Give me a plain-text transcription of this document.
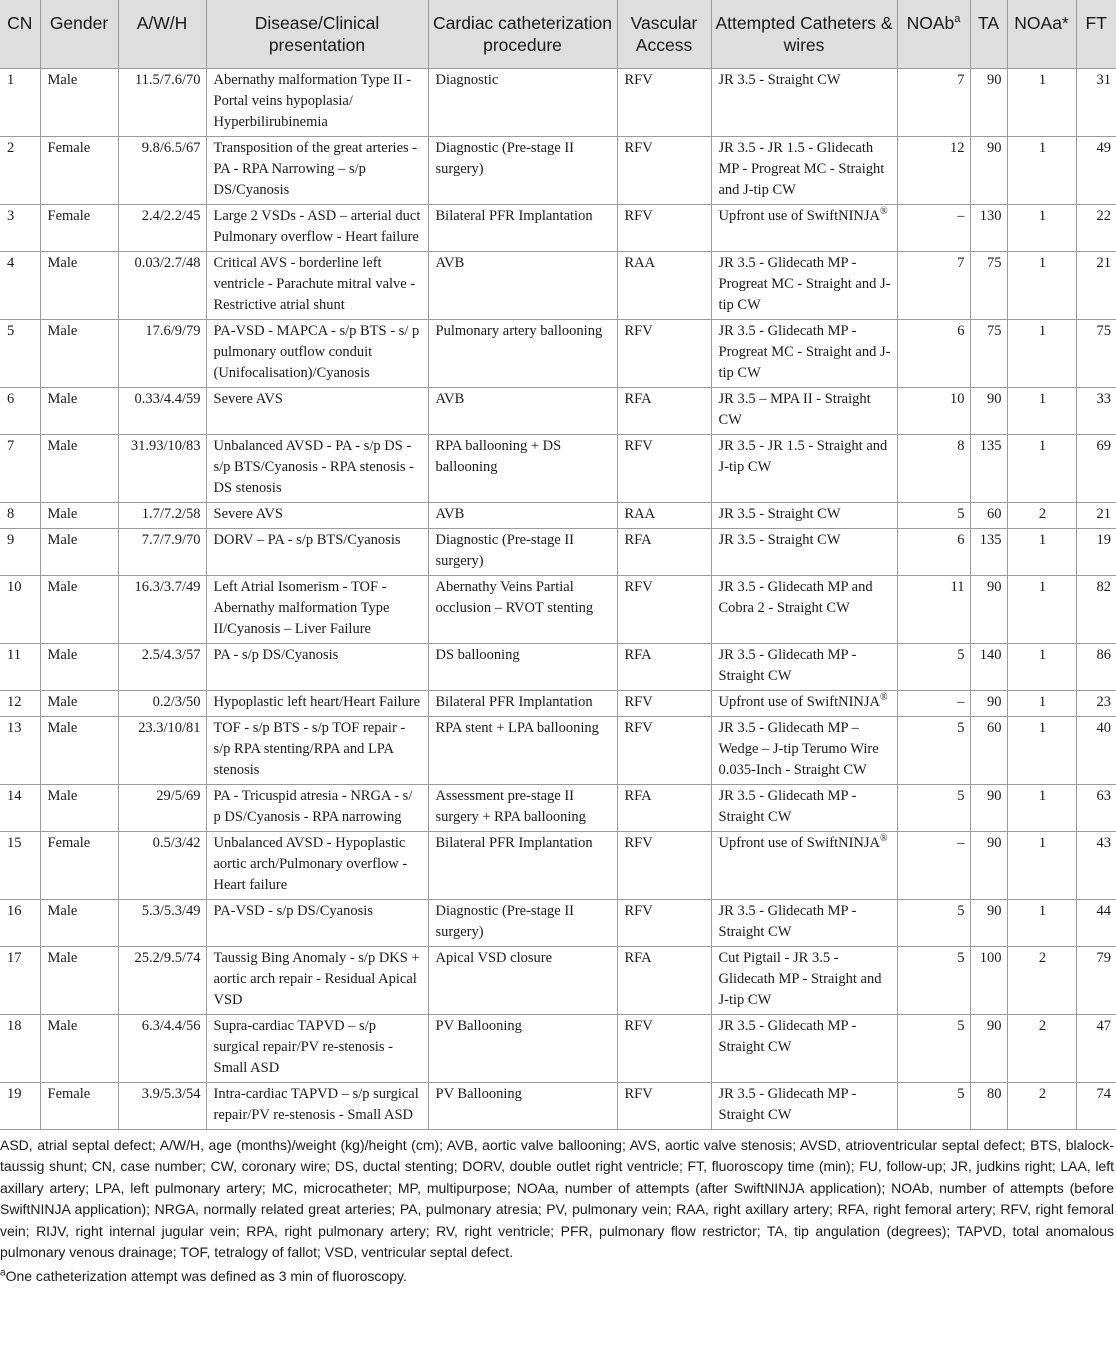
CN	Gender	A/W/H	Disease/Clinical presentation	Cardiac catheterization procedure	Vascular Access	Attempted Catheters & wires	NOAb$^a$	TA	NOAa*	FT
1	Male	11.5/7.6/70	Abernathy malformation Type II - Portal veins hypoplasia/ Hyperbilirubinemia	Diagnostic	RFV	JR 3.5 - Straight CW	7	90	1	31
2	Female	9.8/6.5/67	Transposition of the great arteries - PA - RPA Narrowing – s/p DS/Cyanosis	Diagnostic (Pre-stage II surgery)	RFV	JR 3.5 - JR 1.5 - Glidecath MP - Progreat MC - Straight and J-tip CW	12	90	1	49
3	Female	2.4/2.2/45	Large 2 VSDs - ASD – arterial duct Pulmonary overflow - Heart failure	Bilateral PFR Implantation	RFV	Upfront use of SwiftNINJA®	–	130	1	22
4	Male	0.03/2.7/48	Critical AVS - borderline left ventricle - Parachute mitral valve - Restrictive atrial shunt	AVB	RAA	JR 3.5 - Glidecath MP - Progreat MC - Straight and J-tip CW	7	75	1	21
5	Male	17.6/9/79	PA-VSD - MAPCA - s/p BTS - s/ p pulmonary outflow conduit (Unifocalisation)/Cyanosis	Pulmonary artery ballooning	RFV	JR 3.5 - Glidecath MP - Progreat MC - Straight and J-tip CW	6	75	1	75
6	Male	0.33/4.4/59	Severe AVS	AVB	RFA	JR 3.5 – MPA II - Straight CW	10	90	1	33
7	Male	31.93/10/83	Unbalanced AVSD - PA - s/p DS - s/p BTS/Cyanosis - RPA stenosis - DS stenosis	RPA ballooning + DS ballooning	RFV	JR 3.5 - JR 1.5 - Straight and J-tip CW	8	135	1	69
8	Male	1.7/7.2/58	Severe AVS	AVB	RAA	JR 3.5 - Straight CW	5	60	2	21
9	Male	7.7/7.9/70	DORV – PA - s/p BTS/Cyanosis	Diagnostic (Pre-stage II surgery)	RFA	JR 3.5 - Straight CW	6	135	1	19
10	Male	16.3/3.7/49	Left Atrial Isomerism - TOF - Abernathy malformation Type II/Cyanosis – Liver Failure	Abernathy Veins Partial occlusion – RVOT stenting	RFV	JR 3.5 - Glidecath MP and Cobra 2 - Straight CW	11	90	1	82
11	Male	2.5/4.3/57	PA - s/p DS/Cyanosis	DS ballooning	RFA	JR 3.5 - Glidecath MP - Straight CW	5	140	1	86
12	Male	0.2/3/50	Hypoplastic left heart/Heart Failure	Bilateral PFR Implantation	RFV	Upfront use of SwiftNINJA®	–	90	1	23
13	Male	23.3/10/81	TOF - s/p BTS - s/p TOF repair - s/p RPA stenting/RPA and LPA stenosis	RPA stent + LPA ballooning	RFV	JR 3.5 - Glidecath MP – Wedge – J-tip Terumo Wire 0.035-Inch - Straight CW	5	60	1	40
14	Male	29/5/69	PA - Tricuspid atresia - NRGA - s/ p DS/Cyanosis - RPA narrowing	Assessment pre-stage II surgery + RPA ballooning	RFA	JR 3.5 - Glidecath MP - Straight CW	5	90	1	63
15	Female	0.5/3/42	Unbalanced AVSD - Hypoplastic aortic arch/Pulmonary overflow - Heart failure	Bilateral PFR Implantation	RFV	Upfront use of SwiftNINJA®	–	90	1	43
16	Male	5.3/5.3/49	PA-VSD - s/p DS/Cyanosis	Diagnostic (Pre-stage II surgery)	RFV	JR 3.5 - Glidecath MP - Straight CW	5	90	1	44
17	Male	25.2/9.5/74	Taussig Bing Anomaly - s/p DKS + aortic arch repair - Residual Apical VSD	Apical VSD closure	RFA	Cut Pigtail - JR 3.5 - Glidecath MP - Straight and J-tip CW	5	100	2	79
18	Male	6.3/4.4/56	Supra-cardiac TAPVD – s/p surgical repair/PV re-stenosis - Small ASD	PV Ballooning	RFV	JR 3.5 - Glidecath MP - Straight CW	5	90	2	47
19	Female	3.9/5.3/54	Intra-cardiac TAPVD – s/p surgical repair/PV re-stenosis - Small ASD	PV Ballooning	RFV	JR 3.5 - Glidecath MP - Straight CW	5	80	2	74
ASD, atrial septal defect; A/W/H, age (months)/weight (kg)/height (cm); AVB, aortic valve ballooning; AVS, aortic valve stenosis; AVSD, atrioventricular septal defect; BTS, blalock-taussig shunt; CN, case number; CW, coronary wire; DS, ductal stenting; DORV, double outlet right ventricle; FT, fluoroscopy time (min); FU, follow-up; JR, judkins right; LAA, left axillary artery; LPA, left pulmonary artery; MC, microcatheter; MP, multipurpose; NOAa, number of attempts (after SwiftNINJA application); NOAb, number of attempts (before SwiftNINJA application); NRGA, normally related great arteries; PA, pulmonary atresia; PV, pulmonary vein; RAA, right axillary artery; RFA, right femoral artery; RFV, right femoral vein; RIJV, right internal jugular vein; RPA, right pulmonary artery; RV, right ventricle; PFR, pulmonary flow restrictor; TA, tip angulation (degrees); TAPVD, total anomalous pulmonary venous drainage; TOF, tetralogy of fallot; VSD, ventricular septal defect.
$^a$One catheterization attempt was defined as 3 min of fluoroscopy.
